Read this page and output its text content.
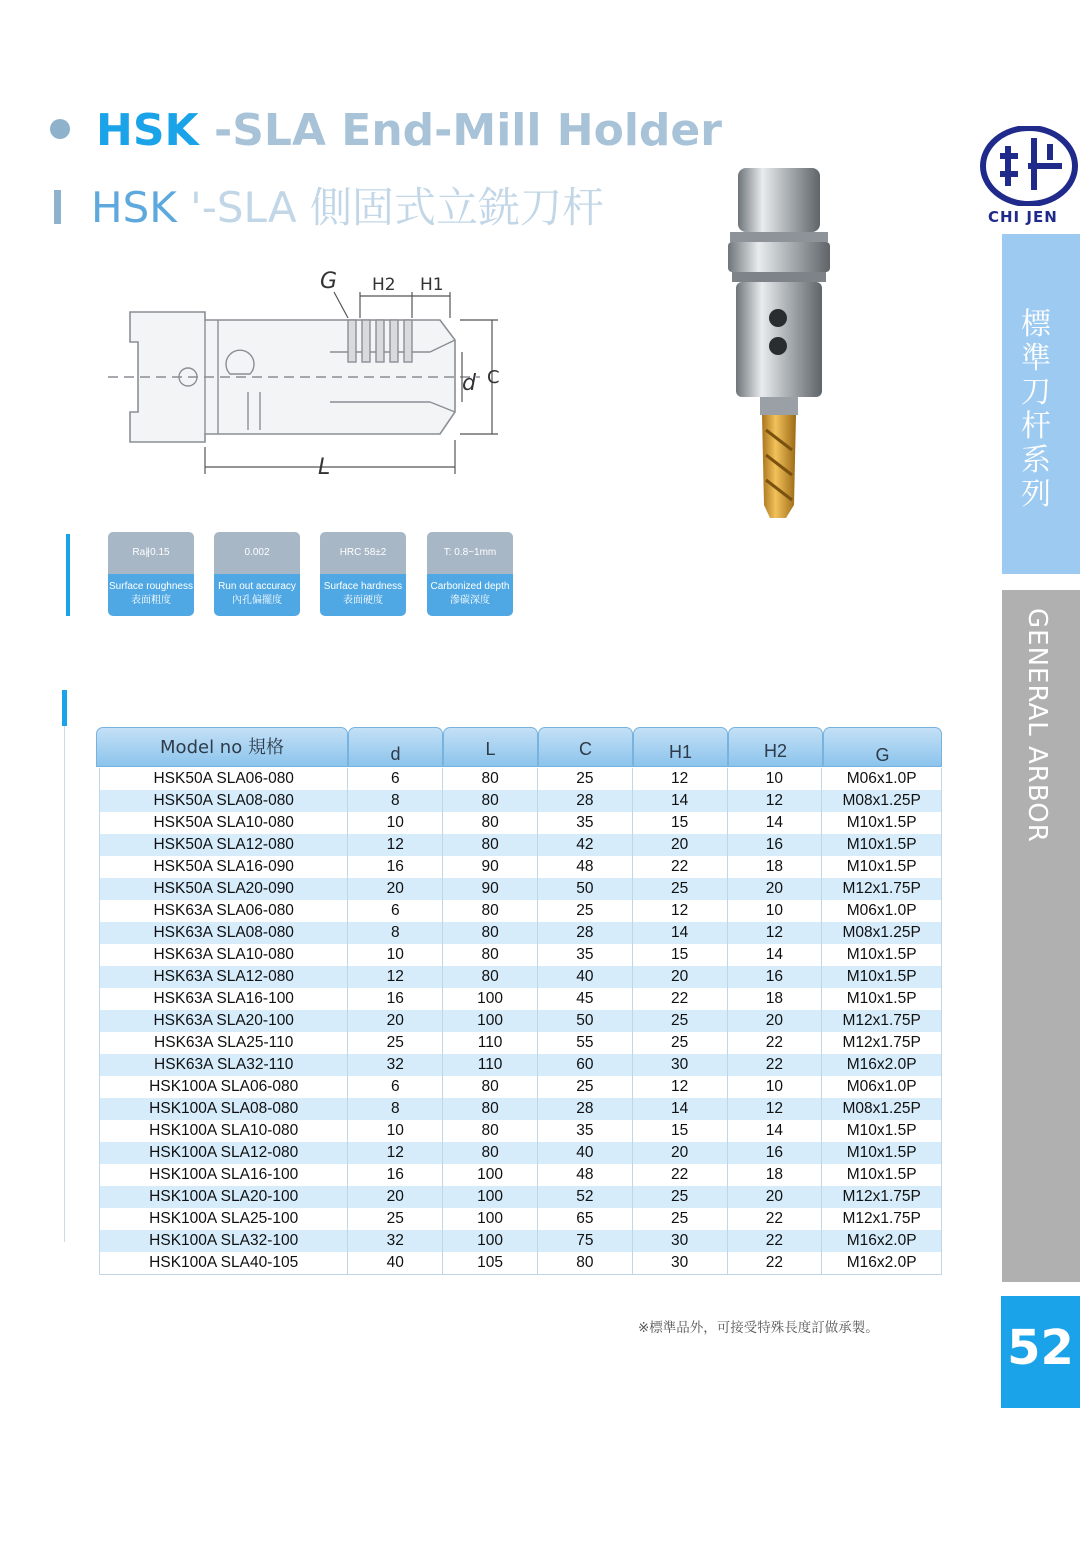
HSK -SLA End-Mill Holder
HSK '-SLA 側固式立銑刀杆	CHI JEN
標準刀杆系列
GENERAL ARBOR
52
G H2 H1
d C
L
Ra∦0.15
Surface roughness
表面粗度
0.002
Run out accuracy
內孔偏擺度
HRC 58±2
Surface hardness
表面硬度
T: 0.8~1mm
Carbonized depth
滲碳深度
Model no 規格	d	L	C	H1	H2	G
HSK50A SLA06-080	6	80	25	12	10	M06x1.0P
HSK50A SLA08-080	8	80	28	14	12	M08x1.25P
HSK50A SLA10-080	10	80	35	15	14	M10x1.5P
HSK50A SLA12-080	12	80	42	20	16	M10x1.5P
HSK50A SLA16-090	16	90	48	22	18	M10x1.5P
HSK50A SLA20-090	20	90	50	25	20	M12x1.75P
HSK63A SLA06-080	6	80	25	12	10	M06x1.0P
HSK63A SLA08-080	8	80	28	14	12	M08x1.25P
HSK63A SLA10-080	10	80	35	15	14	M10x1.5P
HSK63A SLA12-080	12	80	40	20	16	M10x1.5P
HSK63A SLA16-100	16	100	45	22	18	M10x1.5P
HSK63A SLA20-100	20	100	50	25	20	M12x1.75P
HSK63A SLA25-110	25	110	55	25	22	M12x1.75P
HSK63A SLA32-110	32	110	60	30	22	M16x2.0P
HSK100A SLA06-080	6	80	25	12	10	M06x1.0P
HSK100A SLA08-080	8	80	28	14	12	M08x1.25P
HSK100A SLA10-080	10	80	35	15	14	M10x1.5P
HSK100A SLA12-080	12	80	40	20	16	M10x1.5P
HSK100A SLA16-100	16	100	48	22	18	M10x1.5P
HSK100A SLA20-100	20	100	52	25	20	M12x1.75P
HSK100A SLA25-100	25	100	65	25	22	M12x1.75P
HSK100A SLA32-100	32	100	75	30	22	M16x2.0P
HSK100A SLA40-105	40	105	80	30	22	M16x2.0P
※標準品外，可接受特殊長度訂做承製。
